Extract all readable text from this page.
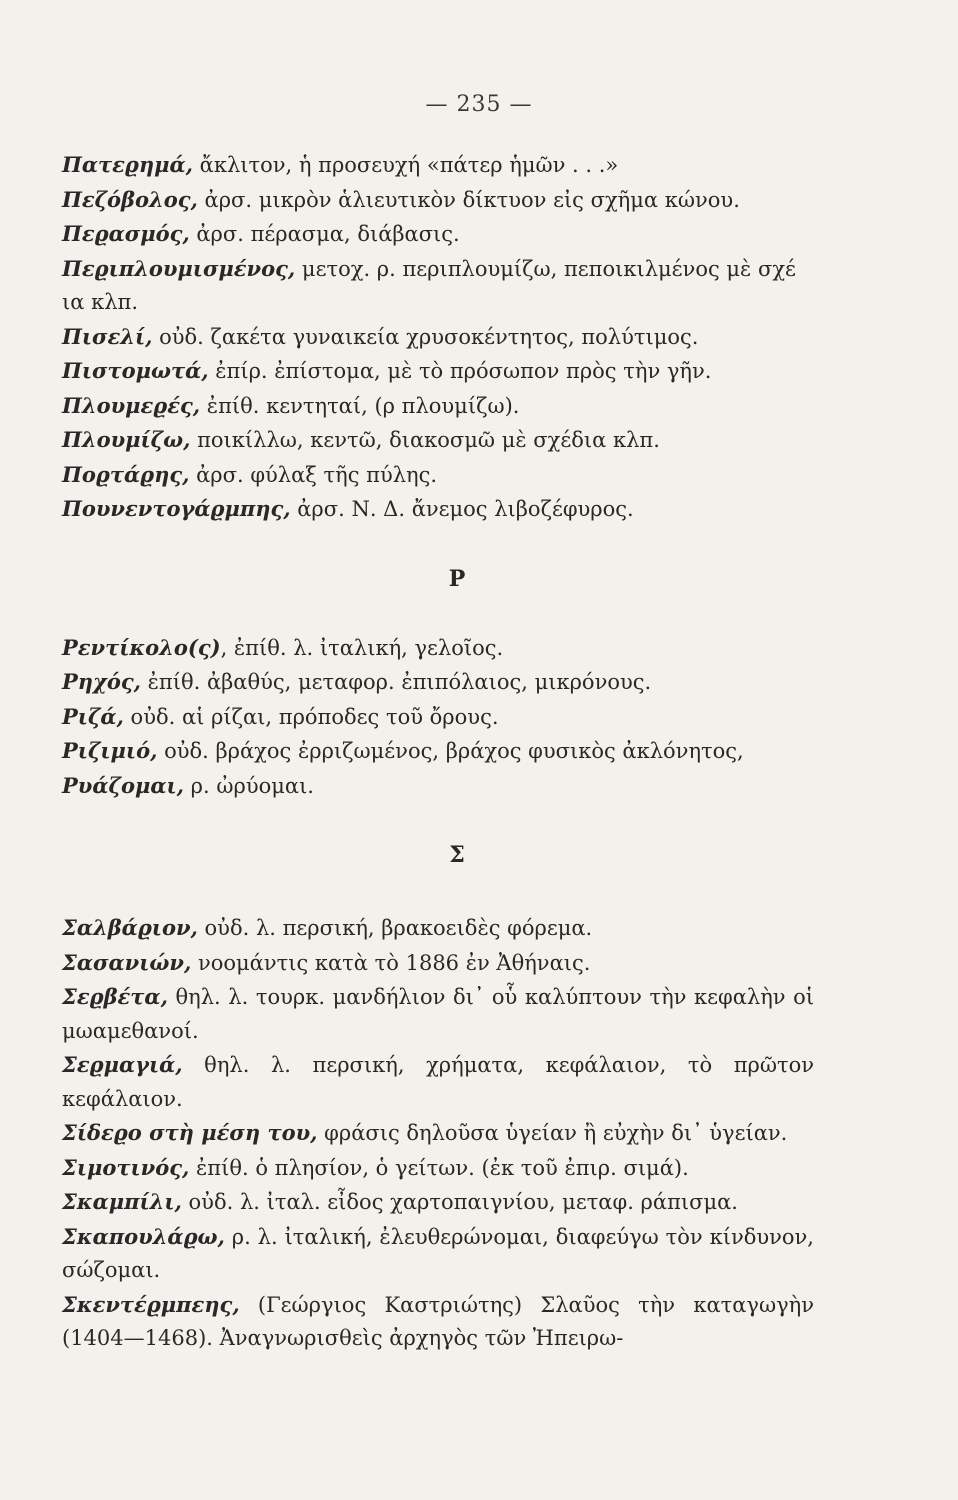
— 235 —

Πατεϱημά, ἄκλιτον, ἡ προσευχή «πάτερ ἡμῶν . . .»

Πεζόβολος, ἀρσ. μικρὸν ἁλιευτικὸν δίκτυον εἰς σχῆμα κώνου.

Πεϱασμός, ἀρσ. πέρασμα, διάβασις.

Πεϱιπλουμισμένος, μετοχ. ρ. περιπλουμίζω, πεποικιλμένος μὲ σχέ ια κλπ.

Πισελί, οὐδ. ζακέτα γυναικεία χρυσοκέντητος, πολύτιμος.

Πιστομωτά, ἐπίρ. ἐπίστομα, μὲ τὸ πρόσωπον πρὸς τὴν γῆν.

Πλουμεϱές, ἐπίθ. κεντηταί, (ρ πλουμίζω).

Πλουμίζω, ποικίλλω, κεντῶ, διακοσμῶ μὲ σχέδια κλπ.

Ποϱτάϱης, ἀρσ. φύλαξ τῆς πύλης.

Πουνεντογάϱμπης, ἀρσ. Ν. Δ. ἄνεμος λιβοζέφυρος.

Ρ

Ρεντίκολο(ς), ἐπίθ. λ. ἰταλική, γελοῖος.

Ρηχός, ἐπίθ. ἀβαθύς, μεταφορ. ἐπιπόλαιος, μικρόνους.

Ριζά, οὐδ. αἱ ρίζαι, πρόποδες τοῦ ὄρους.

Ριζιμιό, οὐδ. βράχος ἐρριζωμένος, βράχος φυσικὸς ἀκλόνητος,

Ρυάζομαι, ρ. ὠρύομαι.

Σ

Σαλβάϱιον, οὐδ. λ. περσική, βρακοειδὲς φόρεμα.

Σασανιών, νοομάντις κατὰ τὸ 1886 ἐν Ἀθήναις.

Σεϱβέτα, θηλ. λ. τουρκ. μανδήλιον δι᾿ οὗ καλύπτουν τὴν κεφαλὴν οἱ μωαμεθανοί.

Σεϱμαγιά, θηλ. λ. περσική, χρήματα, κεφάλαιον, τὸ πρῶτον κεφάλαιον.

Σίδεϱο στὴ μέση του, φράσις δηλοῦσα ὑγείαν ἢ εὐχὴν δι᾿ ὑγείαν.

Σιμοτινός, ἐπίθ. ὁ πλησίον, ὁ γείτων. (ἐκ τοῦ ἐπιρ. σιμά).

Σκαμπίλι, οὐδ. λ. ἰταλ. εἶδος χαρτοπαιγνίου, μεταφ. ράπισμα.

Σκαπουλάϱω, ρ. λ. ἰταλική, ἐλευθερώνομαι, διαφεύγω τὸν κίνδυνον, σώζομαι.

Σκεντέϱμπεης, (Γεώργιος Καστριώτης) Σλαῦος τὴν καταγωγὴν (1404—1468). Ἀναγνωρισθεὶς ἀρχηγὸς τῶν Ἠπειρω-
